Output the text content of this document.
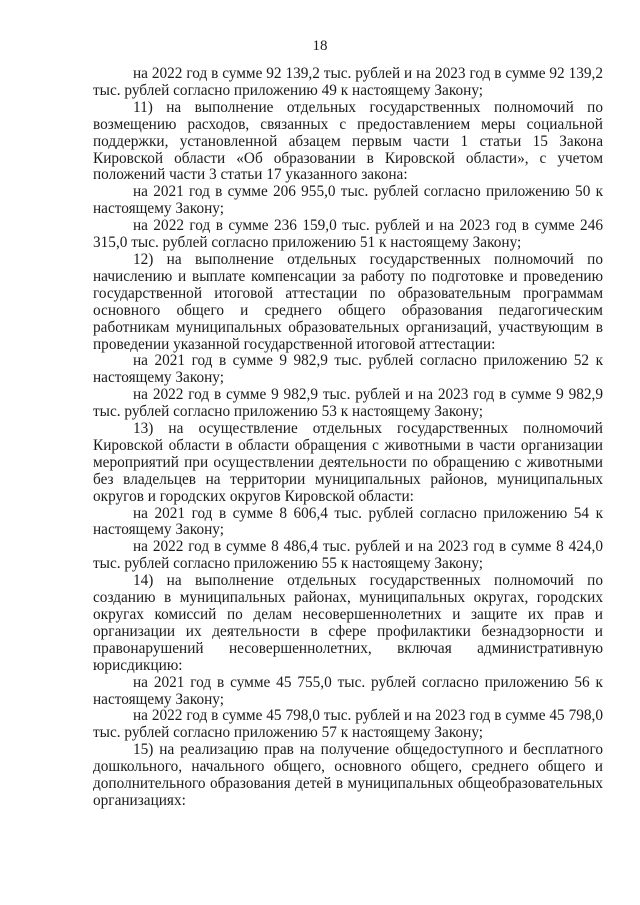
18

на 2022 год в сумме 92 139,2 тыс. рублей и на 2023 год в сумме 92 139,2 тыс. рублей согласно приложению 49 к настоящему Закону;

11) на выполнение отдельных государственных полномочий по возмещению расходов, связанных с предоставлением меры социальной поддержки, установленной абзацем первым части 1 статьи 15 Закона Кировской области «Об образовании в Кировской области», с учетом положений части 3 статьи 17 указанного закона:

на 2021 год в сумме 206 955,0 тыс. рублей согласно приложению 50 к настоящему Закону;

на 2022 год в сумме 236 159,0 тыс. рублей и на 2023 год в сумме 246 315,0 тыс. рублей согласно приложению 51 к настоящему Закону;

12) на выполнение отдельных государственных полномочий по начислению и выплате компенсации за работу по подготовке и проведению государственной итоговой аттестации по образовательным программам основного общего и среднего общего образования педагогическим работникам муниципальных образовательных организаций, участвующим в проведении указанной государственной итоговой аттестации:

на 2021 год в сумме 9 982,9 тыс. рублей согласно приложению 52 к настоящему Закону;

на 2022 год в сумме 9 982,9 тыс. рублей и на 2023 год в сумме 9 982,9 тыс. рублей согласно приложению 53 к настоящему Закону;

13) на осуществление отдельных государственных полномочий Кировской области в области обращения с животными в части организации мероприятий при осуществлении деятельности по обращению с животными без владельцев на территории муниципальных районов, муниципальных округов и городских округов Кировской области:

на 2021 год в сумме 8 606,4 тыс. рублей согласно приложению 54 к настоящему Закону;

на 2022 год в сумме 8 486,4 тыс. рублей и на 2023 год в сумме 8 424,0 тыс. рублей согласно приложению 55 к настоящему Закону;

14) на выполнение отдельных государственных полномочий по созданию в муниципальных районах, муниципальных округах, городских округах комиссий по делам несовершеннолетних и защите их прав и организации их деятельности в сфере профилактики безнадзорности и правонарушений несовершеннолетних, включая административную юрисдикцию:

на 2021 год в сумме 45 755,0 тыс. рублей согласно приложению 56 к настоящему Закону;

на 2022 год в сумме 45 798,0 тыс. рублей и на 2023 год в сумме 45 798,0 тыс. рублей согласно приложению 57 к настоящему Закону;

15) на реализацию прав на получение общедоступного и бесплатного дошкольного, начального общего, основного общего, среднего общего и дополнительного образования детей в муниципальных общеобразовательных организациях:
